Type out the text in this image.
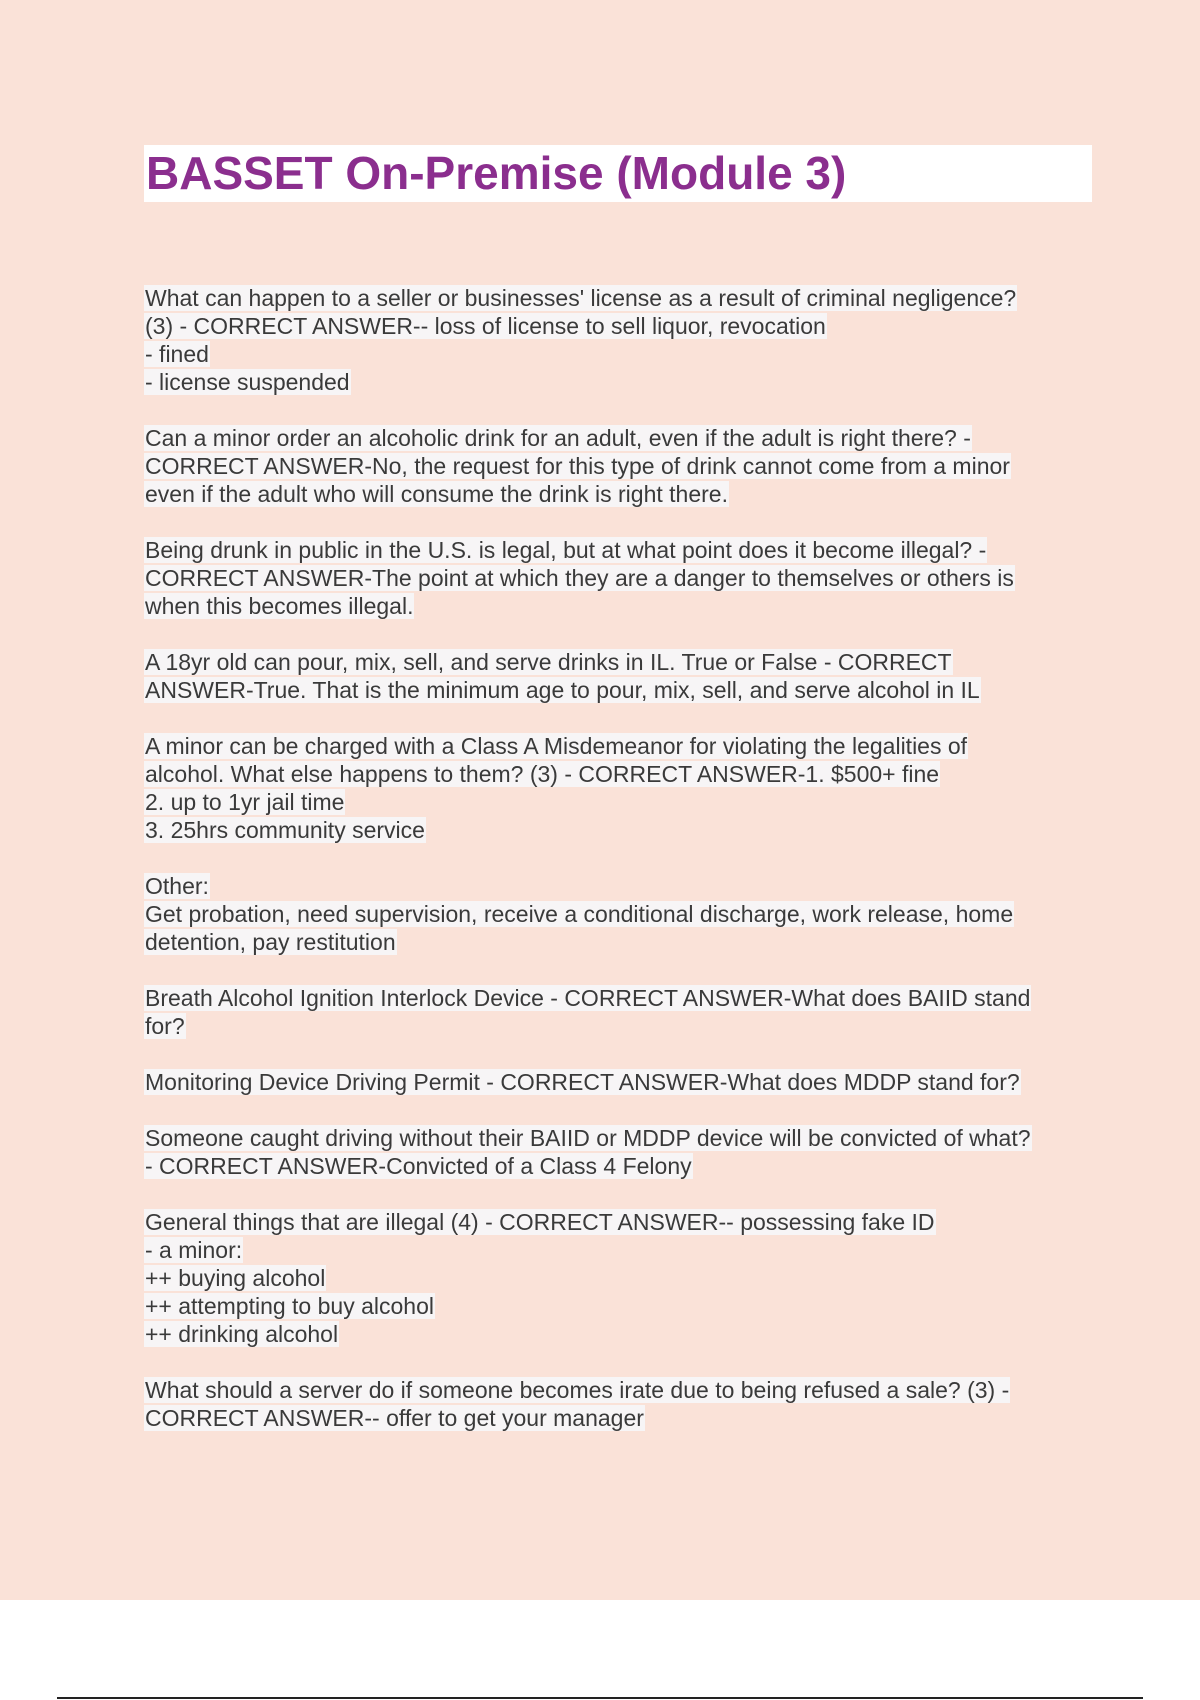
BASSET On-Premise (Module 3)
What can happen to a seller or businesses' license as a result of criminal negligence?
(3) - CORRECT ANSWER-- loss of license to sell liquor, revocation
- fined
- license suspended
Can a minor order an alcoholic drink for an adult, even if the adult is right there? -
CORRECT ANSWER-No, the request for this type of drink cannot come from a minor
even if the adult who will consume the drink is right there.
Being drunk in public in the U.S. is legal, but at what point does it become illegal? -
CORRECT ANSWER-The point at which they are a danger to themselves or others is
when this becomes illegal.
A 18yr old can pour, mix, sell, and serve drinks in IL. True or False - CORRECT
ANSWER-True. That is the minimum age to pour, mix, sell, and serve alcohol in IL
A minor can be charged with a Class A Misdemeanor for violating the legalities of
alcohol. What else happens to them? (3) - CORRECT ANSWER-1. $500+ fine
2. up to 1yr jail time
3. 25hrs community service
Other:
Get probation, need supervision, receive a conditional discharge, work release, home
detention, pay restitution
Breath Alcohol Ignition Interlock Device - CORRECT ANSWER-What does BAIID stand
for?
Monitoring Device Driving Permit - CORRECT ANSWER-What does MDDP stand for?
Someone caught driving without their BAIID or MDDP device will be convicted of what?
- CORRECT ANSWER-Convicted of a Class 4 Felony
General things that are illegal (4) - CORRECT ANSWER-- possessing fake ID
- a minor:
++ buying alcohol
++ attempting to buy alcohol
++ drinking alcohol
What should a server do if someone becomes irate due to being refused a sale? (3) -
CORRECT ANSWER-- offer to get your manager
